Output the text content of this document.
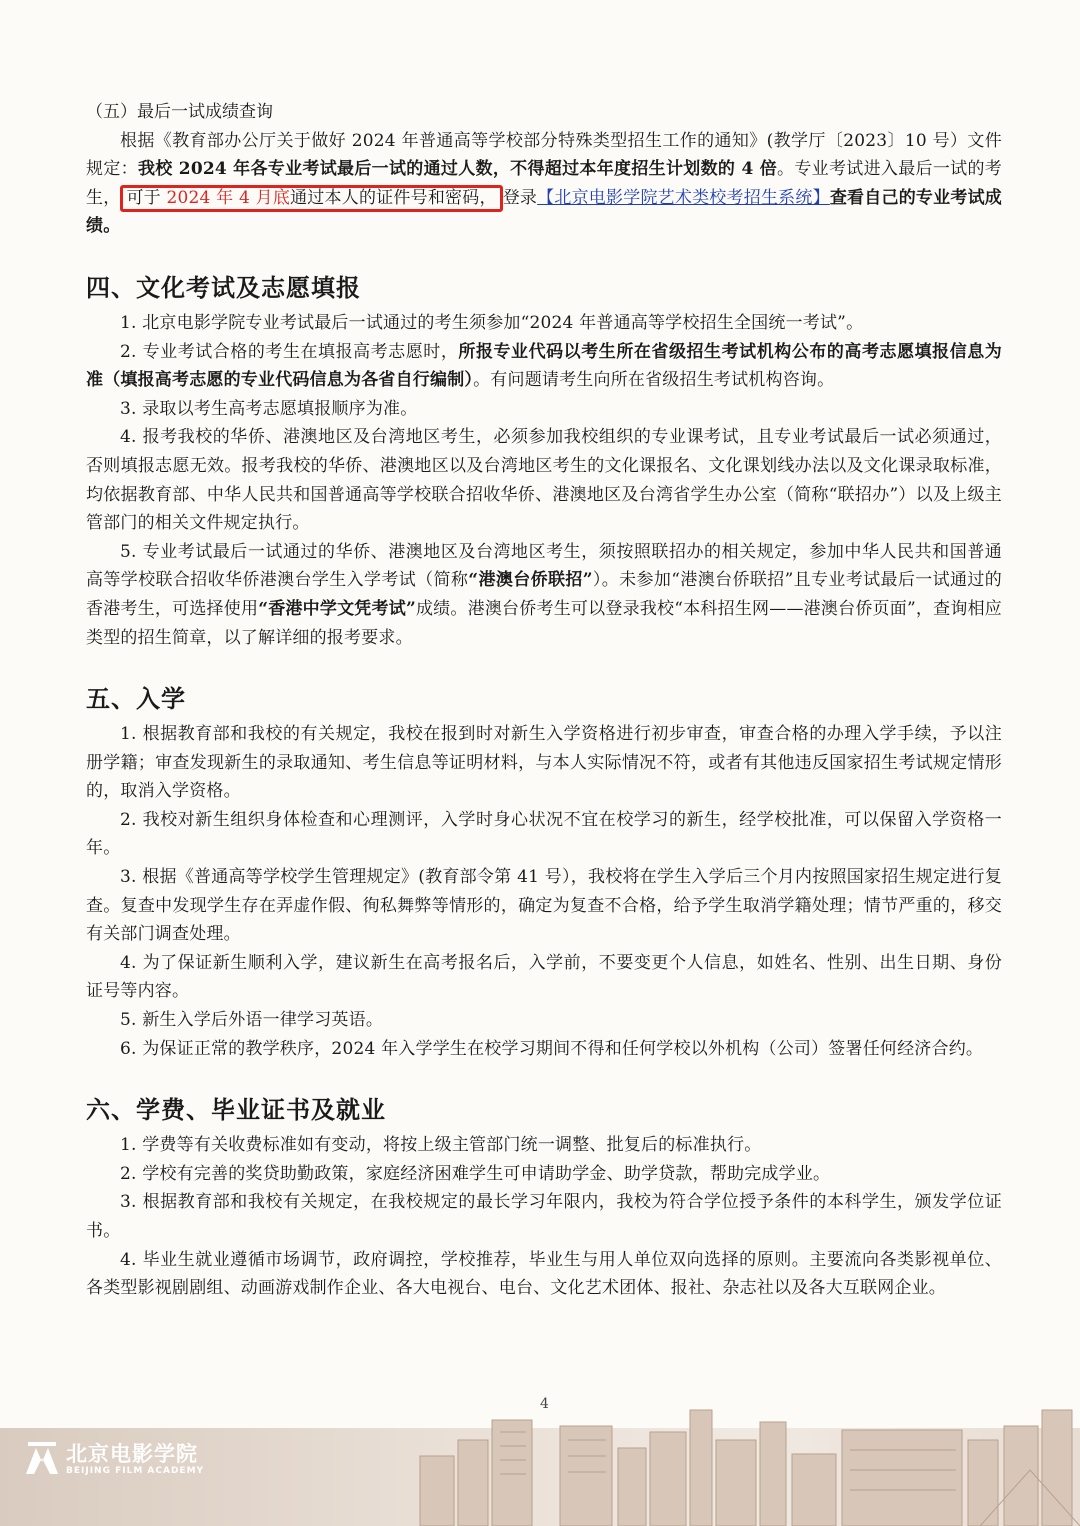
（五）最后一试成绩查询

根据《教育部办公厅关于做好 2024 年普通高等学校部分特殊类型招生工作的通知》(教学厅〔2023〕10 号）文件规定：我校 2024 年各专业考试最后一试的通过人数，不得超过本年度招生计划数的 4 倍。专业考试进入最后一试的考生， 可于 2024 年 4 月底通过本人的证件号和密码， 登录【北京电影学院艺术类校考招生系统】查看自己的专业考试成绩。

四、文化考试及志愿填报

1. 北京电影学院专业考试最后一试通过的考生须参加“2024 年普通高等学校招生全国统一考试”。

2. 专业考试合格的考生在填报高考志愿时，所报专业代码以考生所在省级招生考试机构公布的高考志愿填报信息为准（填报高考志愿的专业代码信息为各省自行编制）。有问题请考生向所在省级招生考试机构咨询。

3. 录取以考生高考志愿填报顺序为准。

4. 报考我校的华侨、港澳地区及台湾地区考生，必须参加我校组织的专业课考试，且专业考试最后一试必须通过，否则填报志愿无效。报考我校的华侨、港澳地区以及台湾地区考生的文化课报名、文化课划线办法以及文化课录取标准，均依据教育部、中华人民共和国普通高等学校联合招收华侨、港澳地区及台湾省学生办公室（简称“联招办”）以及上级主管部门的相关文件规定执行。

5. 专业考试最后一试通过的华侨、港澳地区及台湾地区考生，须按照联招办的相关规定，参加中华人民共和国普通高等学校联合招收华侨港澳台学生入学考试（简称“港澳台侨联招”）。未参加“港澳台侨联招”且专业考试最后一试通过的香港考生，可选择使用“香港中学文凭考试”成绩。港澳台侨考生可以登录我校“本科招生网——港澳台侨页面”，查询相应类型的招生简章，以了解详细的报考要求。

五、入学

1. 根据教育部和我校的有关规定，我校在报到时对新生入学资格进行初步审查，审查合格的办理入学手续，予以注册学籍；审查发现新生的录取通知、考生信息等证明材料，与本人实际情况不符，或者有其他违反国家招生考试规定情形的，取消入学资格。

2. 我校对新生组织身体检查和心理测评，入学时身心状况不宜在校学习的新生，经学校批准，可以保留入学资格一年。

3. 根据《普通高等学校学生管理规定》(教育部令第 41 号），我校将在学生入学后三个月内按照国家招生规定进行复查。复查中发现学生存在弄虚作假、徇私舞弊等情形的，确定为复查不合格，给予学生取消学籍处理；情节严重的，移交有关部门调查处理。

4. 为了保证新生顺利入学，建议新生在高考报名后，入学前，不要变更个人信息，如姓名、性别、出生日期、身份证号等内容。

5. 新生入学后外语一律学习英语。

6. 为保证正常的教学秩序，2024 年入学学生在校学习期间不得和任何学校以外机构（公司）签署任何经济合约。

六、学费、毕业证书及就业

1. 学费等有关收费标准如有变动，将按上级主管部门统一调整、批复后的标准执行。

2. 学校有完善的奖贷助勤政策，家庭经济困难学生可申请助学金、助学贷款，帮助完成学业。

3. 根据教育部和我校有关规定，在我校规定的最长学习年限内，我校为符合学位授予条件的本科学生，颁发学位证书。

4. 毕业生就业遵循市场调节，政府调控，学校推荐，毕业生与用人单位双向选择的原则。主要流向各类影视单位、各类型影视剧剧组、动画游戏制作企业、各大电视台、电台、文化艺术团体、报社、杂志社以及各大互联网企业。

4
北京电影学院
BEIJING FILM ACADEMY
